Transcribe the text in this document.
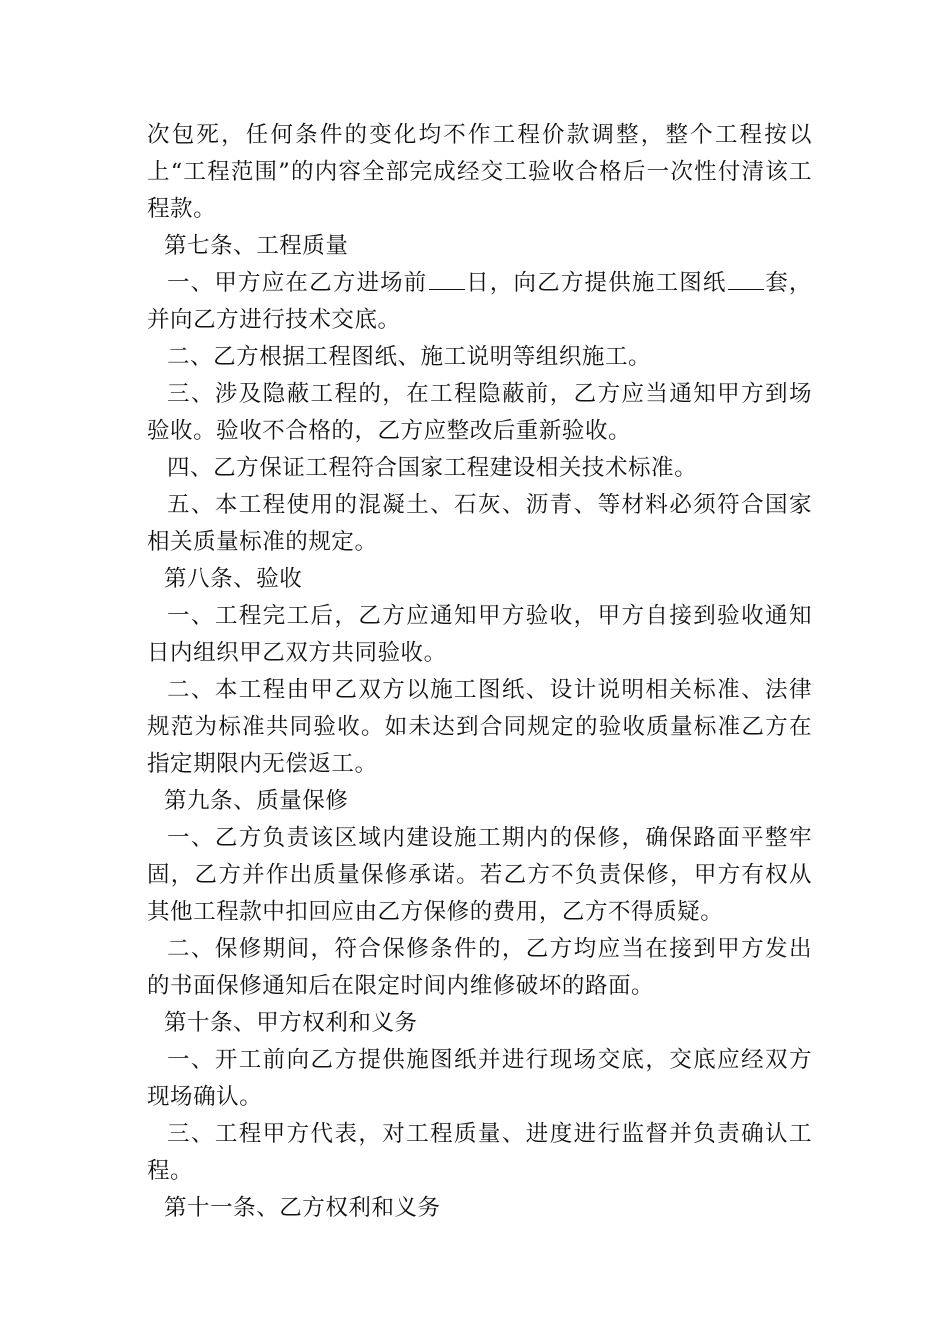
次包死，任何条件的变化均不作工程价款调整，整个工程按以上“工程范围”的内容全部完成经交工验收合格后一次性付清该工程款。

第七条、工程质量

一、甲方应在乙方进场前 日，向乙方提供施工图纸 套，并向乙方进行技术交底。

二、乙方根据工程图纸、施工说明等组织施工。

三、涉及隐蔽工程的，在工程隐蔽前，乙方应当通知甲方到场验收。验收不合格的，乙方应整改后重新验收。

四、乙方保证工程符合国家工程建设相关技术标准。

五、本工程使用的混凝土、石灰、沥青、等材料必须符合国家相关质量标准的规定。

第八条、验收

一、工程完工后，乙方应通知甲方验收，甲方自接到验收通知日内组织甲乙双方共同验收。

二、本工程由甲乙双方以施工图纸、设计说明相关标准、法律规范为标准共同验收。如未达到合同规定的验收质量标准乙方在指定期限内无偿返工。

第九条、质量保修

一、乙方负责该区域内建设施工期内的保修，确保路面平整牢固，乙方并作出质量保修承诺。若乙方不负责保修，甲方有权从其他工程款中扣回应由乙方保修的费用，乙方不得质疑。

二、保修期间，符合保修条件的，乙方均应当在接到甲方发出的书面保修通知后在限定时间内维修破坏的路面。

第十条、甲方权利和义务

一、开工前向乙方提供施图纸并进行现场交底，交底应经双方现场确认。

三、工程甲方代表，对工程质量、进度进行监督并负责确认工程。

第十一条、乙方权利和义务
